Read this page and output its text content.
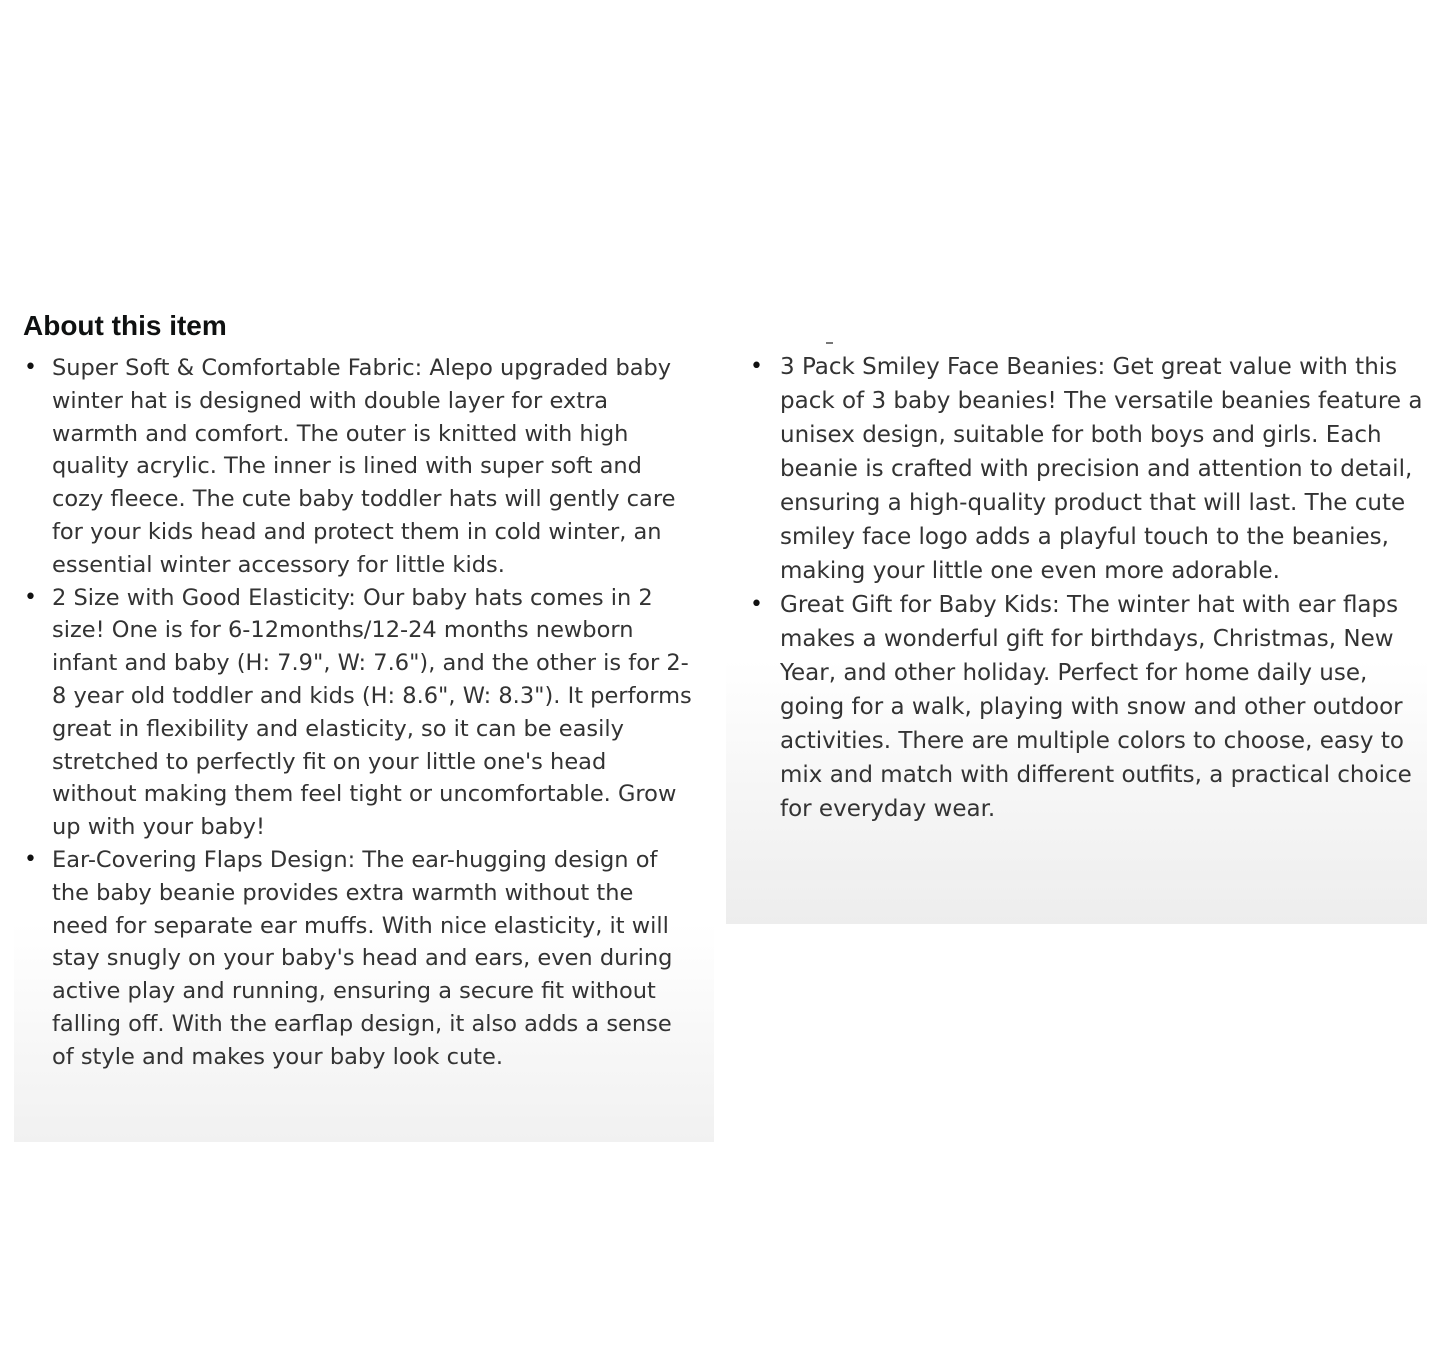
About this item
• Super Soft & Comfortable Fabric: Alepo upgraded baby winter hat is designed with double layer for extra warmth and comfort. The outer is knitted with high quality acrylic. The inner is lined with super soft and cozy fleece. The cute baby toddler hats will gently care for your kids head and protect them in cold winter, an essential winter accessory for little kids.
• 2 Size with Good Elasticity: Our baby hats comes in 2 size! One is for 6-12months/12-24 months newborn infant and baby (H: 7.9", W: 7.6"), and the other is for 2-8 year old toddler and kids (H: 8.6", W: 8.3"). It performs great in flexibility and elasticity, so it can be easily stretched to perfectly fit on your little one's head without making them feel tight or uncomfortable. Grow up with your baby!
• Ear-Covering Flaps Design: The ear-hugging design of the baby beanie provides extra warmth without the need for separate ear muffs. With nice elasticity, it will stay snugly on your baby's head and ears, even during active play and running, ensuring a secure fit without falling off. With the earflap design, it also adds a sense of style and makes your baby look cute.
• 3 Pack Smiley Face Beanies: Get great value with this pack of 3 baby beanies! The versatile beanies feature a unisex design, suitable for both boys and girls. Each beanie is crafted with precision and attention to detail, ensuring a high-quality product that will last. The cute smiley face logo adds a playful touch to the beanies, making your little one even more adorable.
• Great Gift for Baby Kids: The winter hat with ear flaps makes a wonderful gift for birthdays, Christmas, New Year, and other holiday. Perfect for home daily use, going for a walk, playing with snow and other outdoor activities. There are multiple colors to choose, easy to mix and match with different outfits, a practical choice for everyday wear.
